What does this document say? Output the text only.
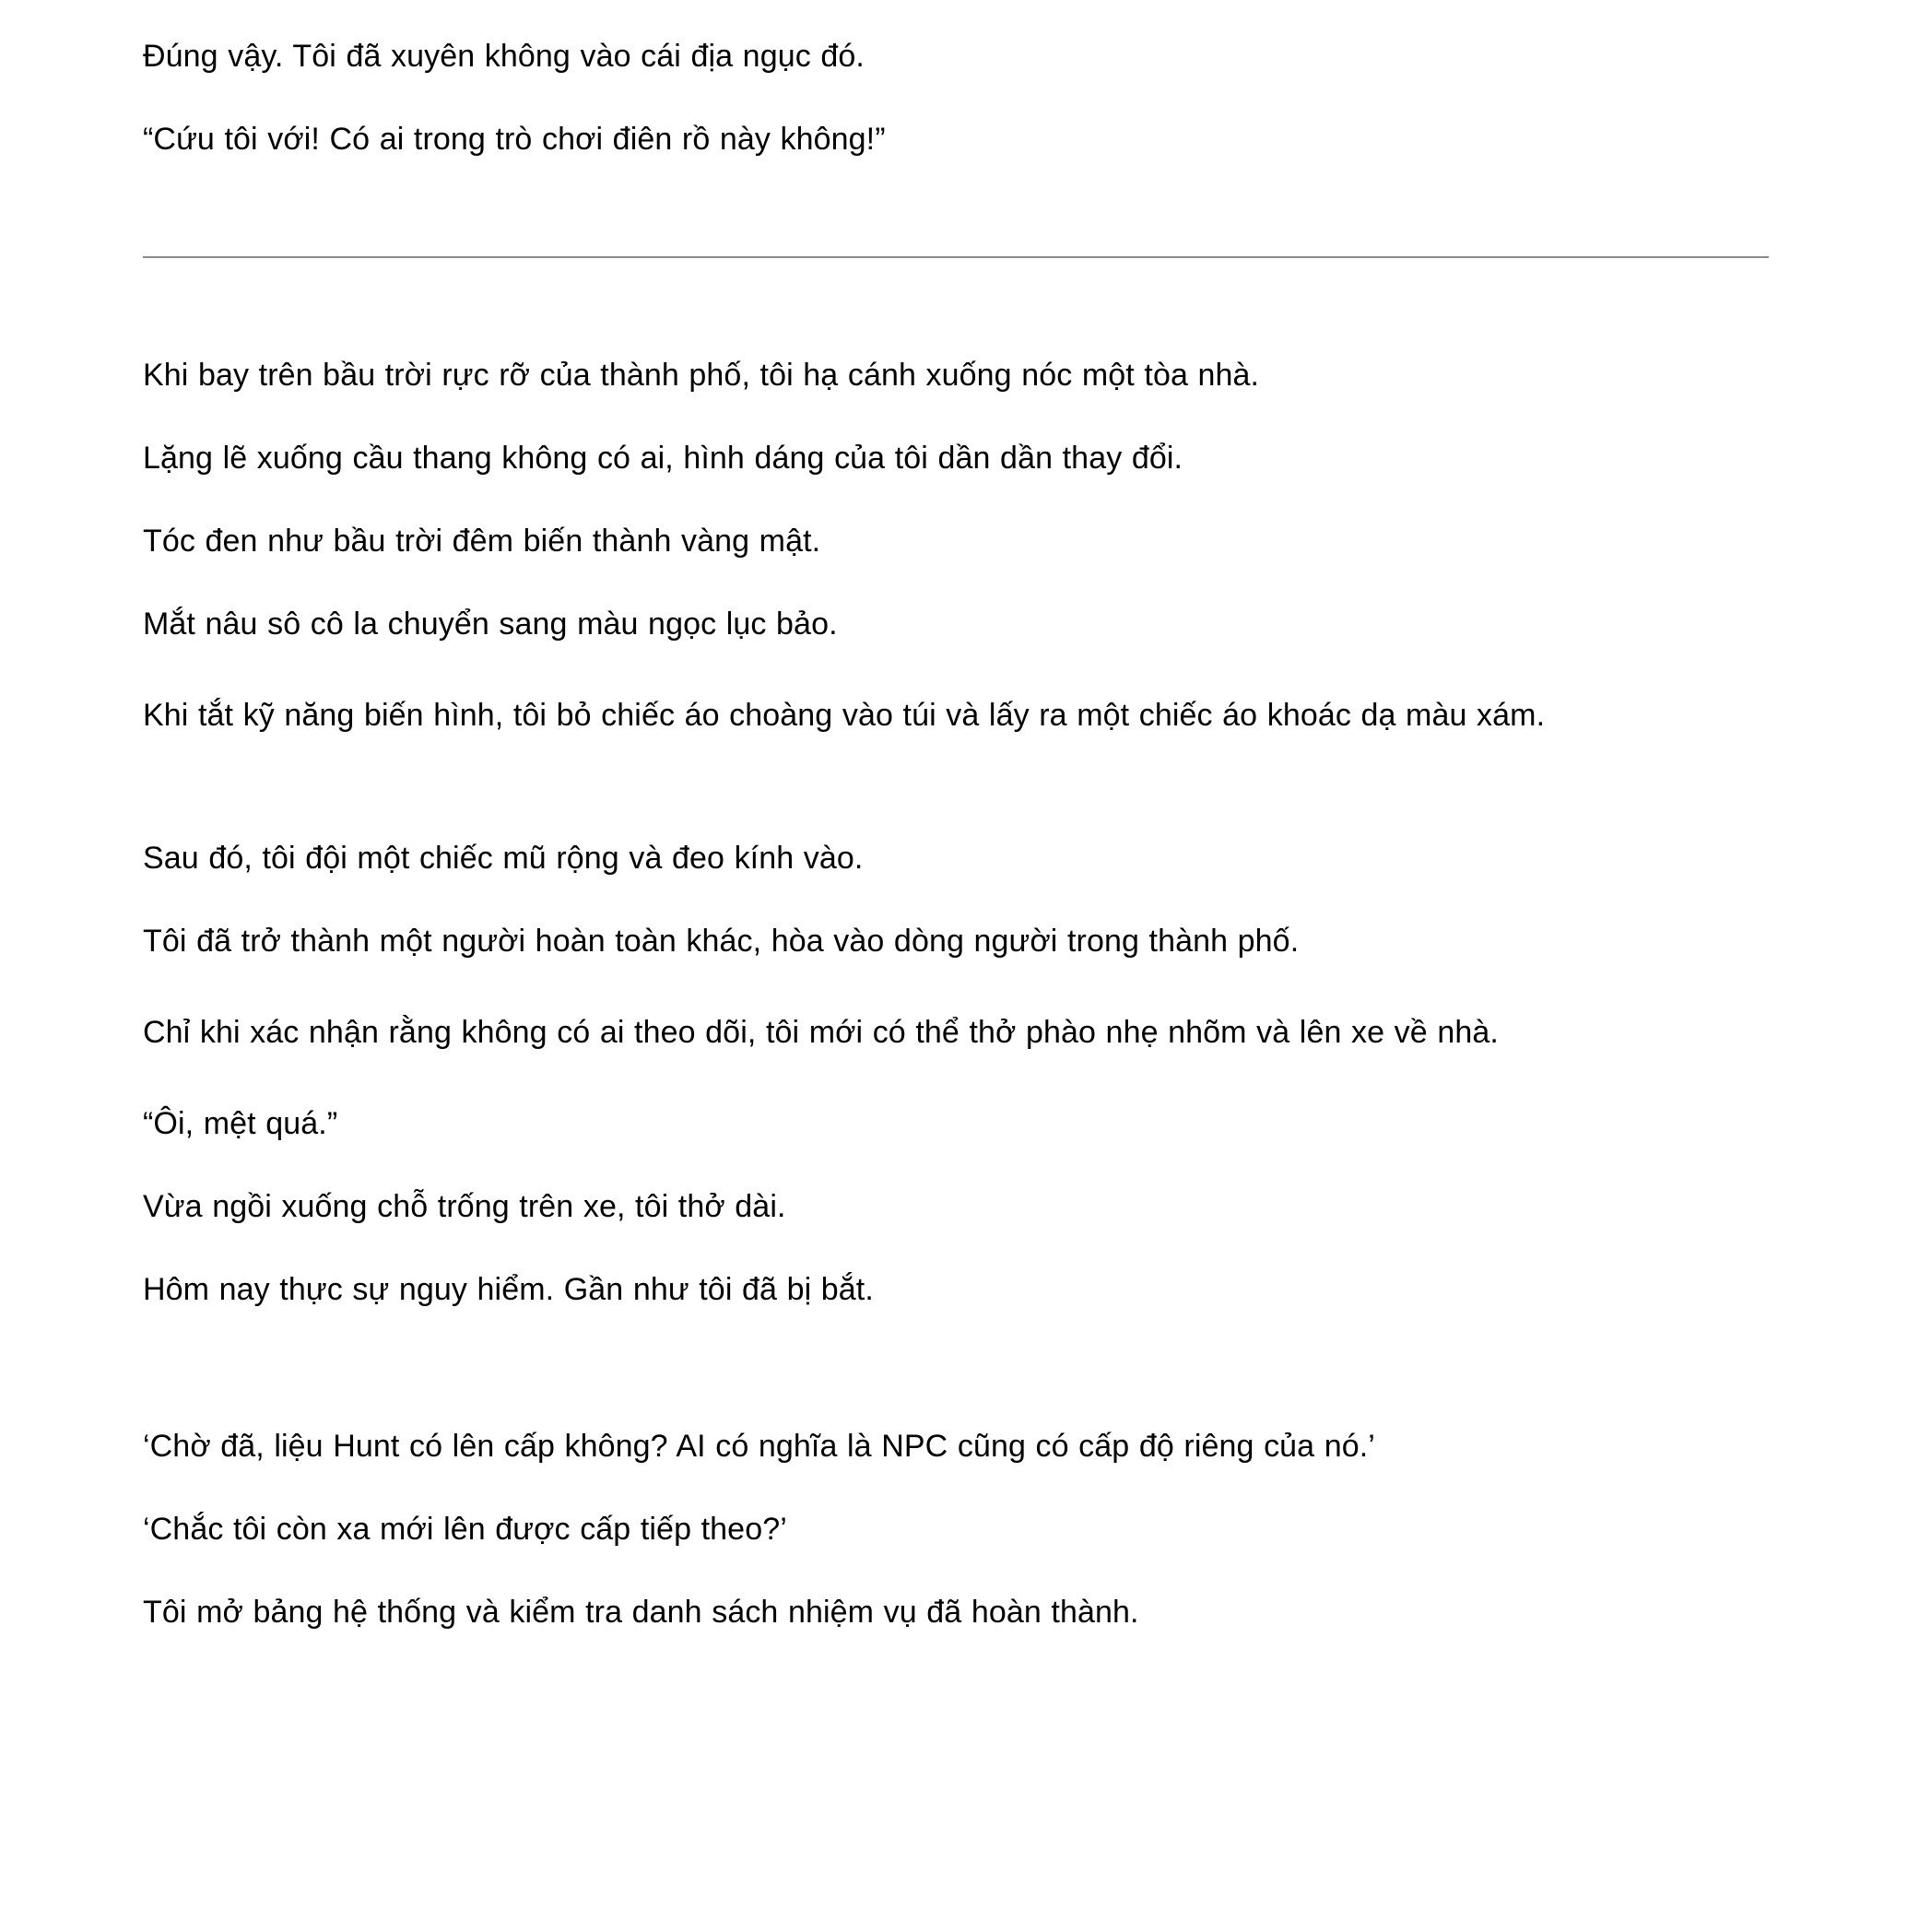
Đúng vậy. Tôi đã xuyên không vào cái địa ngục đó.

“Cứu tôi với! Có ai trong trò chơi điên rồ này không!”

Khi bay trên bầu trời rực rỡ của thành phố, tôi hạ cánh xuống nóc một tòa nhà.

Lặng lẽ xuống cầu thang không có ai, hình dáng của tôi dần dần thay đổi.

Tóc đen như bầu trời đêm biến thành vàng mật.

Mắt nâu sô cô la chuyển sang màu ngọc lục bảo.

Khi tắt kỹ năng biến hình, tôi bỏ chiếc áo choàng vào túi và lấy ra một chiếc áo khoác dạ màu xám.

Sau đó, tôi đội một chiếc mũ rộng và đeo kính vào.

Tôi đã trở thành một người hoàn toàn khác, hòa vào dòng người trong thành phố.

Chỉ khi xác nhận rằng không có ai theo dõi, tôi mới có thể thở phào nhẹ nhõm và lên xe về nhà.

“Ôi, mệt quá.”

Vừa ngồi xuống chỗ trống trên xe, tôi thở dài.

Hôm nay thực sự nguy hiểm. Gần như tôi đã bị bắt.

‘Chờ đã, liệu Hunt có lên cấp không? AI có nghĩa là NPC cũng có cấp độ riêng của nó.’

‘Chắc tôi còn xa mới lên được cấp tiếp theo?’

Tôi mở bảng hệ thống và kiểm tra danh sách nhiệm vụ đã hoàn thành.
